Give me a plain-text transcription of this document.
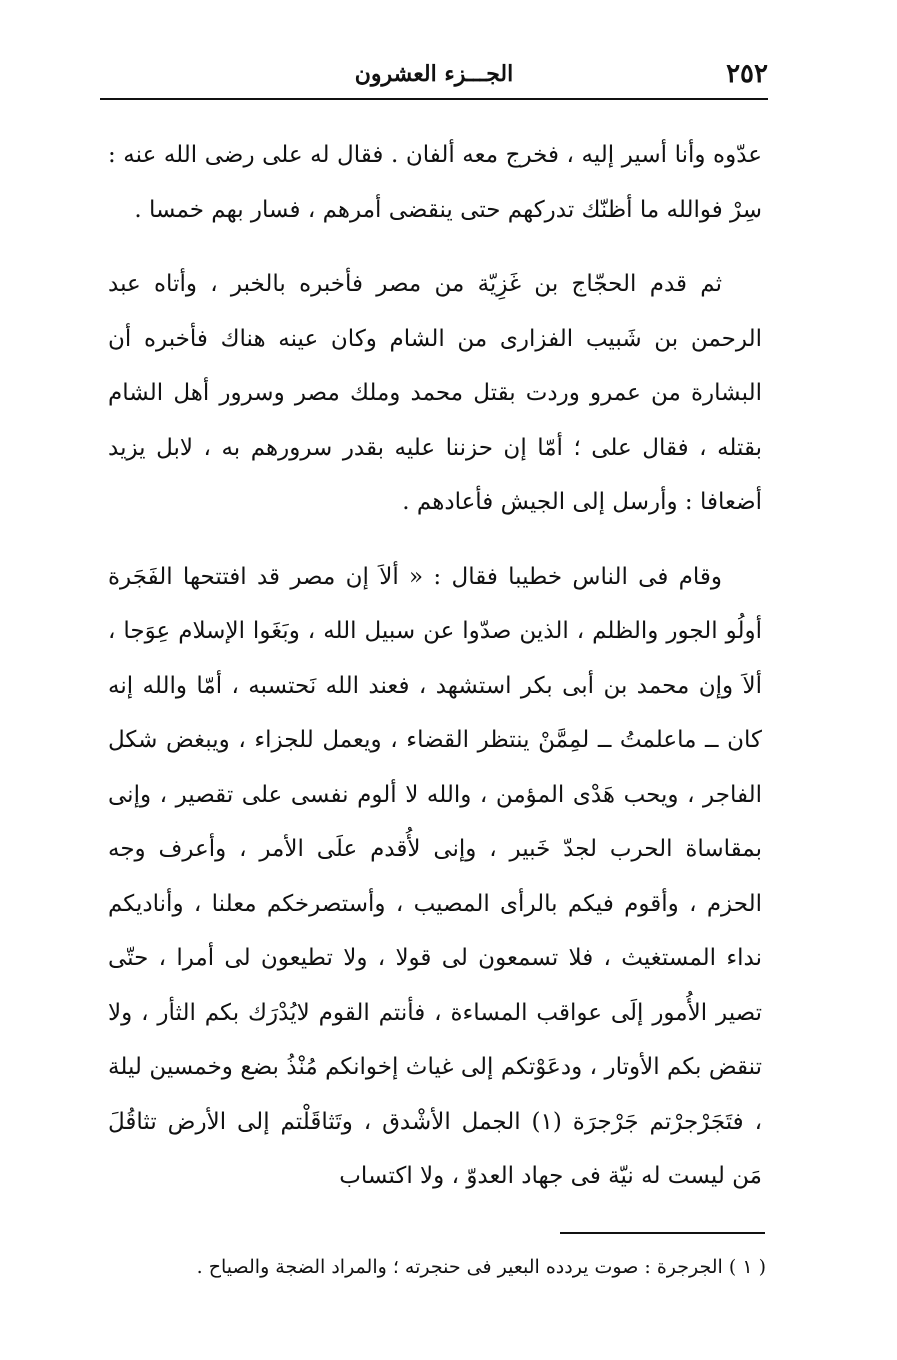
٢٥٢
الجـــزء العشرون

عدّوه وأنا أسير إليه ، فخرج معه ألفان . فقال له على رضى الله عنه : سِرْ فوالله ما أظنّك تدركهم حتى ينقضى أمرهم ، فسار بهم خمسا .

ثم قدم الحجّاج بن غَزِيّة من مصر فأخبره بالخبر ، وأتاه عبد الرحمن بن شَبيب الفزارى من الشام وكان عينه هناك فأخبره أن البشارة من عمرو وردت بقتل محمد وملك مصر وسرور أهل الشام بقتله ، فقال على ؛ أمّا إن حزننا عليه بقدر سرورهم به ، لابل يزيد أضعافا : وأرسل إلى الجيش فأعادهم .

وقام فى الناس خطيبا فقال : « ألاَ إن مصر قد افتتحها الفَجَرة أولُو الجور والظلم ، الذين صدّوا عن سبيل الله ، وبَغَوا الإسلام عِوَجا ، ألاَ وإن محمد بن أبى بكر استشهد ، فعند الله نَحتسبه ، أمّا والله إنه كان ــ ماعلمتُ ــ لمِمَّنْ ينتظر القضاء ، ويعمل للجزاء ، ويبغض شكل الفاجر ، ويحب هَدْى المؤمن ، والله لا ألوم نفسى على تقصير ، وإنى بمقاساة الحرب لجدّ خَبير ، وإنى لأُقدم علَى الأمر ، وأعرف وجه الحزم ، وأقوم فيكم بالرأى المصيب ، وأستصرخكم معلنا ، وأناديكم نداء المستغيث ، فلا تسمعون لى قولا ، ولا تطيعون لى أمرا ، حتّى تصير الأُمور إلَى عواقب المساءة ، فأنتم القوم لايُدْرَك بكم الثأر ، ولا تنقض بكم الأوتار ، ودعَوْتكم إلى غياث إخوانكم مُنْذُ بضع وخمسين ليلة ، فتَجَرْجرْتم جَرْجرَة (١) الجمل الأشْدق ، وتَثاقَلْتم إلى الأرض تثاقُلَ مَن ليست له نيّة فى جهاد العدوّ ، ولا اكتساب

( ١ ) الجرجرة : صوت يردده البعير فى حنجرته ؛ والمراد الضجة والصياح .
